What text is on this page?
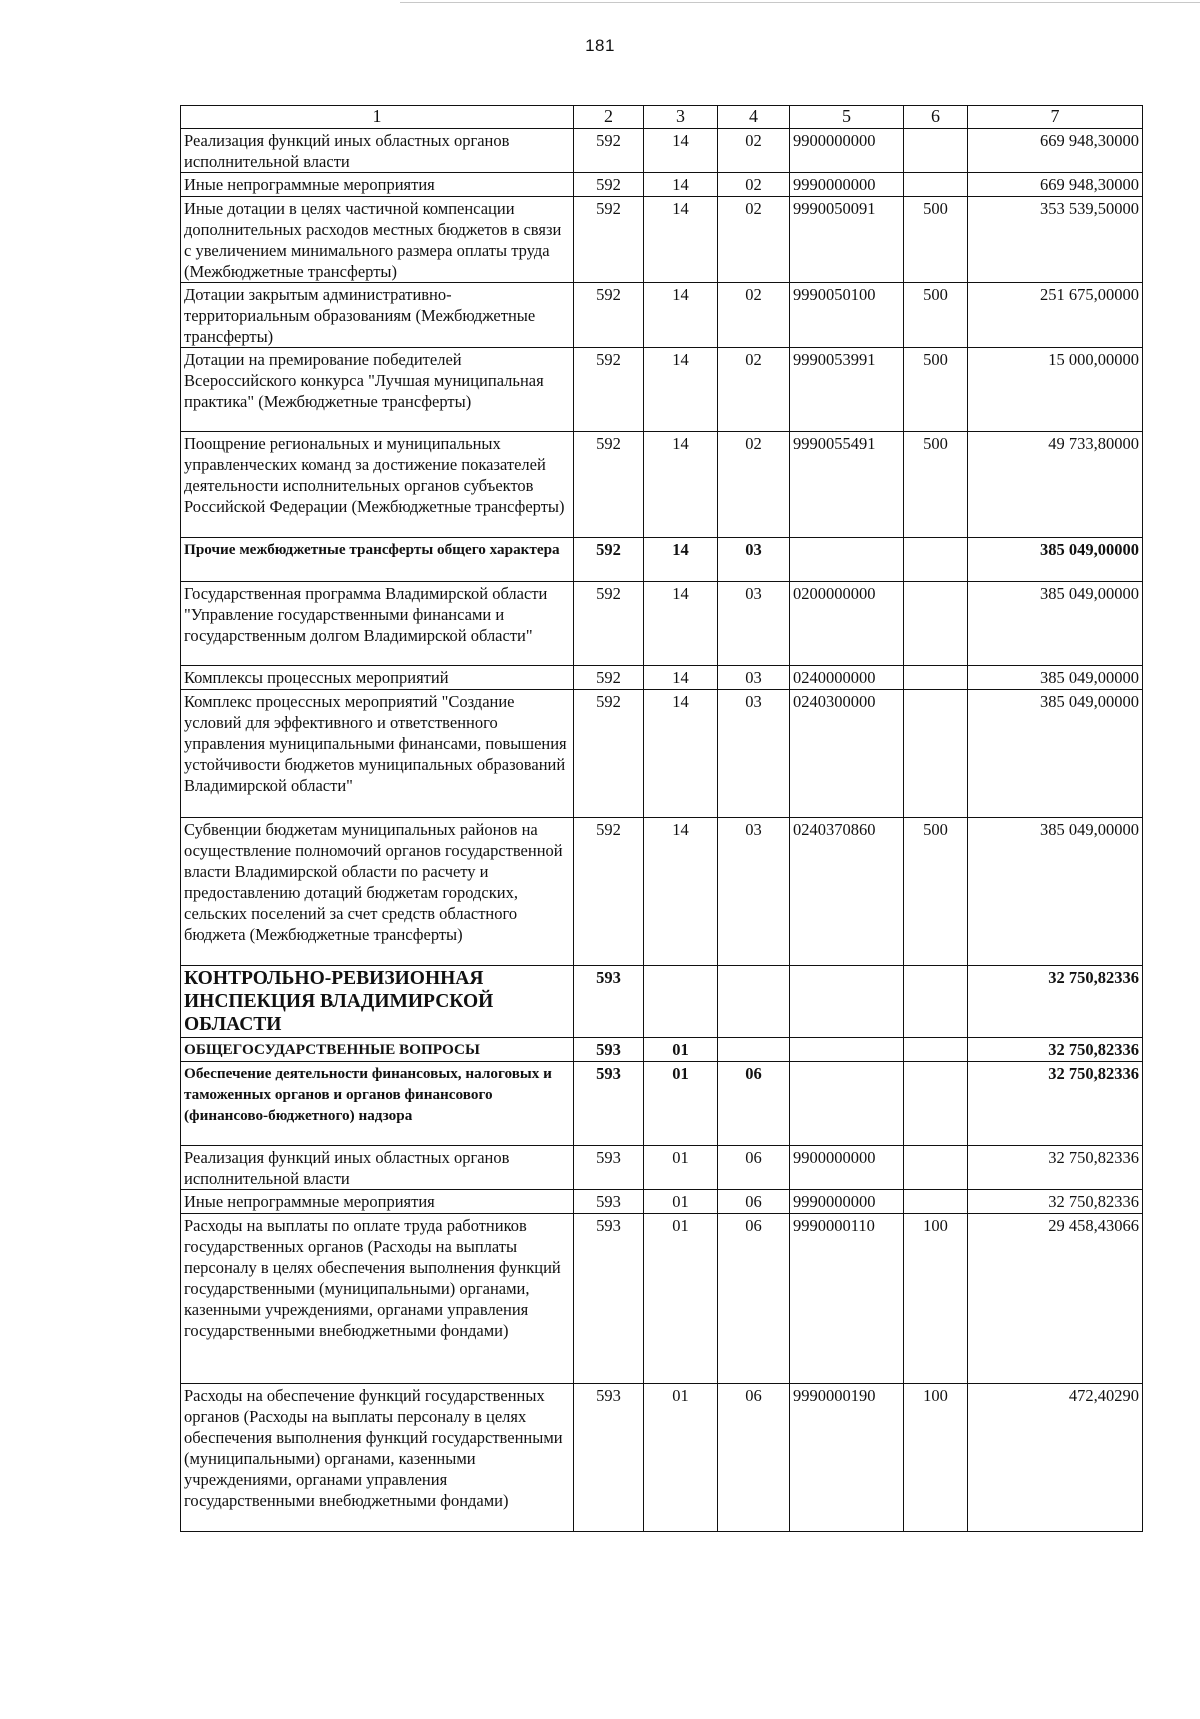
181
1	2	3	4	5	6	7
Реализация функций иных областных органов исполнительной власти	592	14	02	9900000000		669 948,30000
Иные непрограммные мероприятия	592	14	02	9990000000		669 948,30000
Иные дотации в целях частичной компенсации дополнительных расходов местных бюджетов в связи с увеличением минимального размера оплаты труда (Межбюджетные трансферты)	592	14	02	9990050091	500	353 539,50000
Дотации закрытым административно-территориальным образованиям (Межбюджетные трансферты)	592	14	02	9990050100	500	251 675,00000
Дотации на премирование победителей Всероссийского конкурса "Лучшая муниципальная практика" (Межбюджетные трансферты)	592	14	02	9990053991	500	15 000,00000
Поощрение региональных и муниципальных управленческих команд за достижение показателей деятельности исполнительных органов субъектов Российской Федерации (Межбюджетные трансферты)	592	14	02	9990055491	500	49 733,80000
Прочие межбюджетные трансферты общего характера	592	14	03			385 049,00000
Государственная программа Владимирской области "Управление государственными финансами и государственным долгом Владимирской области"	592	14	03	0200000000		385 049,00000
Комплексы процессных мероприятий	592	14	03	0240000000		385 049,00000
Комплекс процессных мероприятий "Создание условий для эффективного и ответственного управления муниципальными финансами, повышения устойчивости бюджетов муниципальных образований Владимирской области"	592	14	03	0240300000		385 049,00000
Субвенции бюджетам муниципальных районов на осуществление полномочий органов государственной власти Владимирской области по расчету и предоставлению дотаций бюджетам городских, сельских поселений за счет средств областного бюджета (Межбюджетные трансферты)	592	14	03	0240370860	500	385 049,00000
КОНТРОЛЬНО-РЕВИЗИОННАЯ ИНСПЕКЦИЯ ВЛАДИМИРСКОЙ ОБЛАСТИ	593					32 750,82336
ОБЩЕГОСУДАРСТВЕННЫЕ ВОПРОСЫ	593	01				32 750,82336
Обеспечение деятельности финансовых, налоговых и таможенных органов и органов финансового (финансово-бюджетного) надзора	593	01	06			32 750,82336
Реализация функций иных областных органов исполнительной власти	593	01	06	9900000000		32 750,82336
Иные непрограммные мероприятия	593	01	06	9990000000		32 750,82336
Расходы на выплаты по оплате труда работников государственных органов (Расходы на выплаты персоналу в целях обеспечения выполнения функций государственными (муниципальными) органами, казенными учреждениями, органами управления государственными внебюджетными фондами)	593	01	06	9990000110	100	29 458,43066
Расходы на обеспечение функций государственных органов (Расходы на выплаты персоналу в целях обеспечения выполнения функций государственными (муниципальными) органами, казенными учреждениями, органами управления государственными внебюджетными фондами)	593	01	06	9990000190	100	472,40290
